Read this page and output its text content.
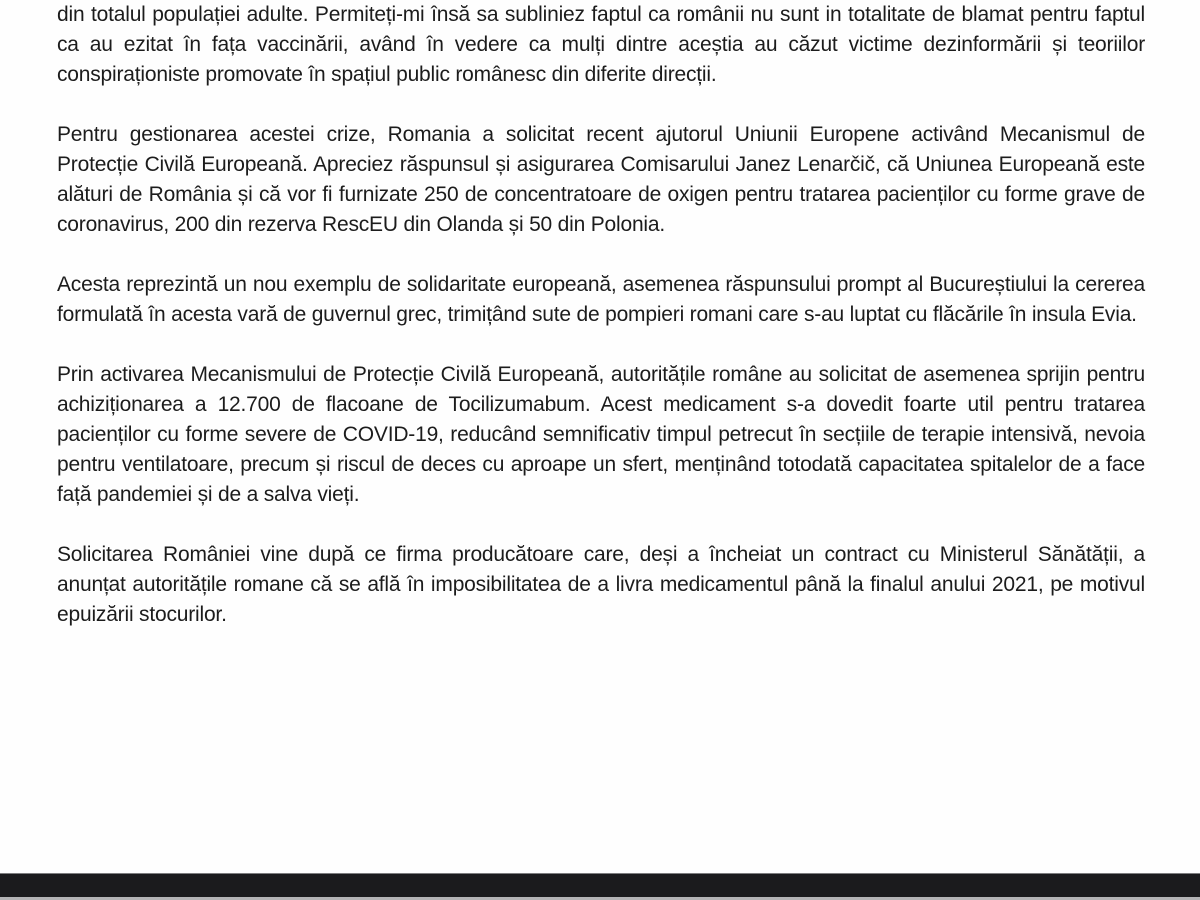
din totalul populației adulte. Permiteți-mi însă sa subliniez faptul ca românii nu sunt in totalitate de blamat pentru faptul ca au ezitat în fața vaccinării, având în vedere ca mulți dintre aceștia au căzut victime dezinformării și teoriilor conspiraționiste promovate în spațiul public românesc din diferite direcții.

Pentru gestionarea acestei crize, Romania a solicitat recent ajutorul Uniunii Europene activând Mecanismul de Protecție Civilă Europeană. Apreciez răspunsul și asigurarea Comisarului Janez Lenarčič, că Uniunea Europeană este alături de România și că vor fi furnizate 250 de concentratoare de oxigen pentru tratarea pacienților cu forme grave de coronavirus, 200 din rezerva RescEU din Olanda și 50 din Polonia.

Acesta reprezintă un nou exemplu de solidaritate europeană, asemenea răspunsului prompt al Bucureștiului la cererea formulată în acesta vară de guvernul grec, trimițând sute de pompieri romani care s-au luptat cu flăcările în insula Evia.

Prin activarea Mecanismului de Protecție Civilă Europeană, autoritățile române au solicitat de asemenea sprijin pentru achiziționarea a 12.700 de flacoane de Tocilizumabum. Acest medicament s-a dovedit foarte util pentru tratarea pacienților cu forme severe de COVID-19, reducând semnificativ timpul petrecut în secțiile de terapie intensivă, nevoia pentru ventilatoare, precum și riscul de deces cu aproape un sfert, menținând totodată capacitatea spitalelor de a face față pandemiei și de a salva vieți.

Solicitarea României vine după ce firma producătoare care, deși a încheiat un contract cu Ministerul Sănătății, a anunțat autoritățile romane că se află în imposibilitatea de a livra medicamentul până la finalul anului 2021, pe motivul epuizării stocurilor.
